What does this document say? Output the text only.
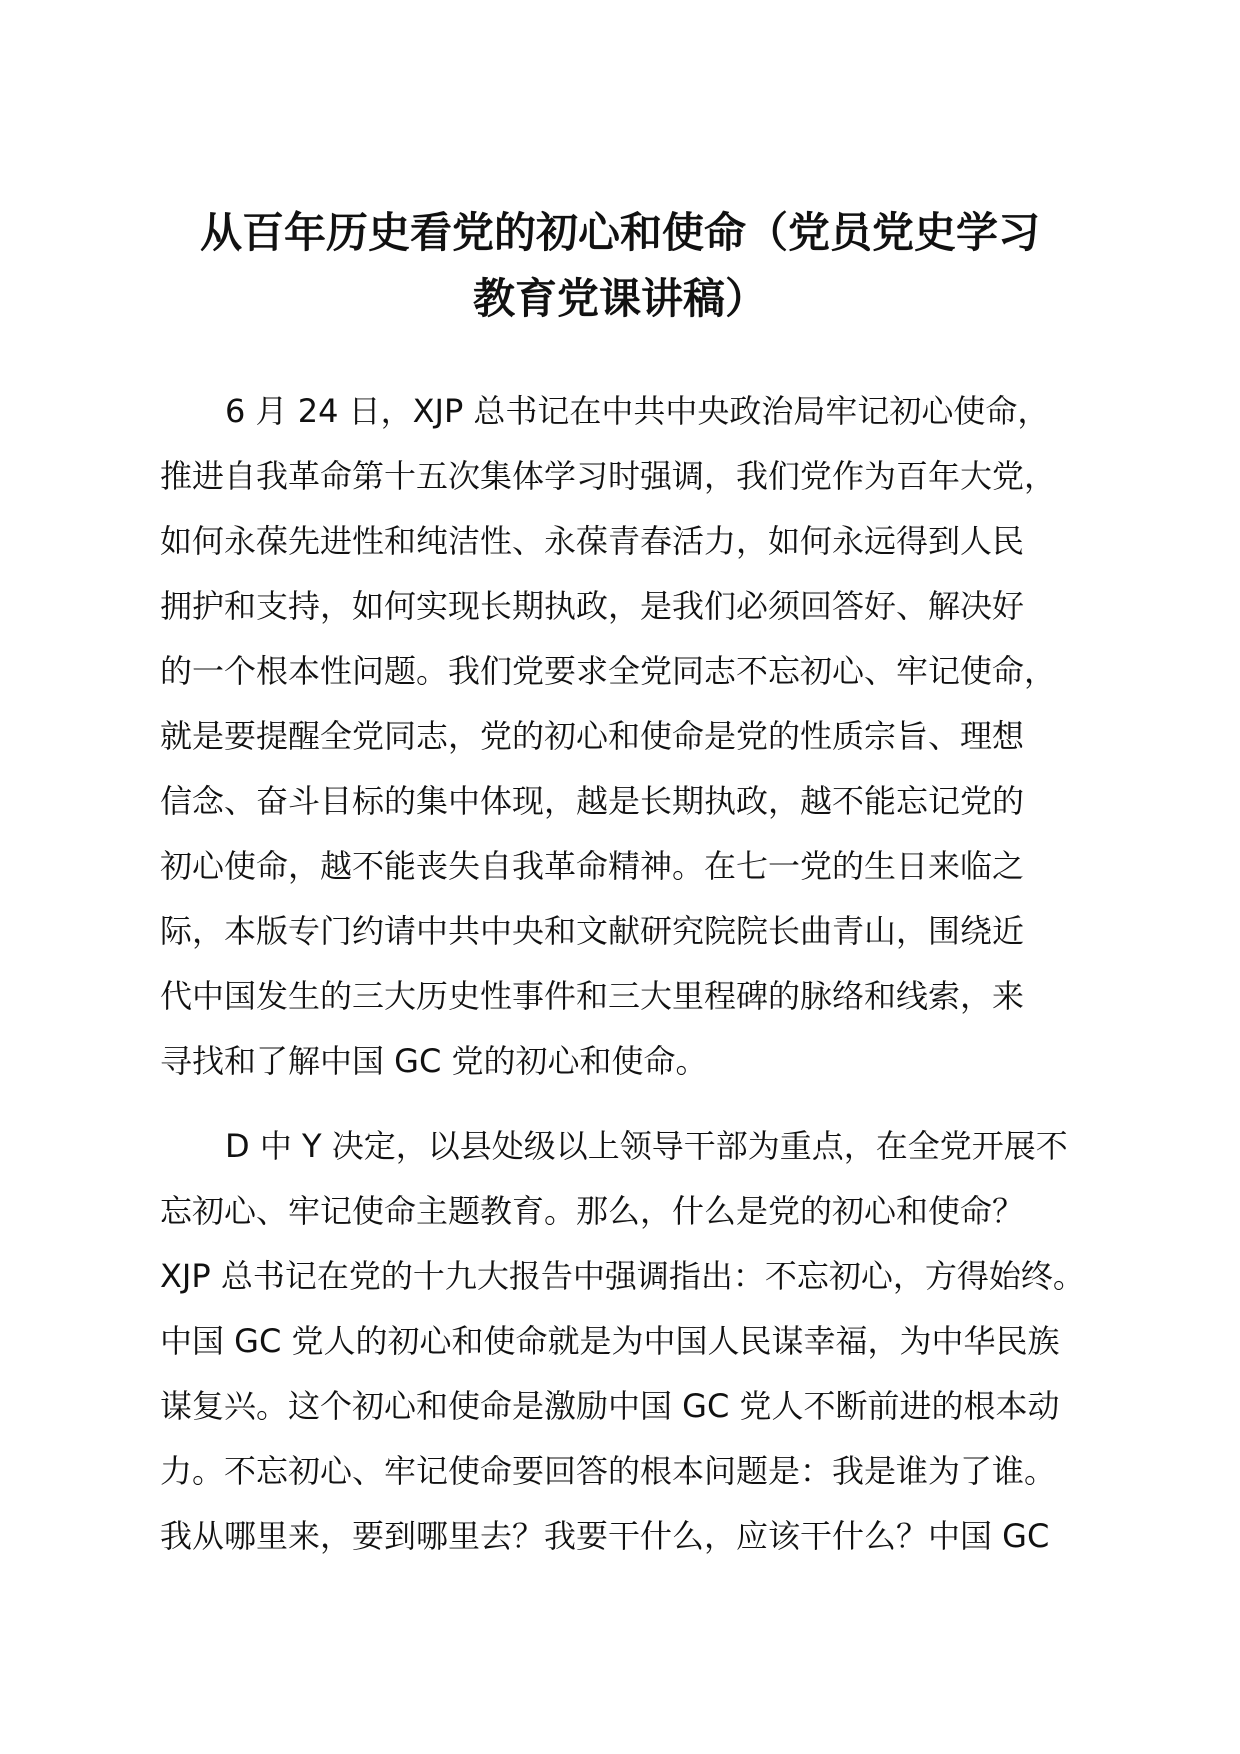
从百年历史看党的初心和使命（党员党史学习
教育党课讲稿）
6 月 24 日，XJP 总书记在中共中央政治局牢记初心使命，
推进自我革命第十五次集体学习时强调，我们党作为百年大党，
如何永葆先进性和纯洁性、永葆青春活力，如何永远得到人民
拥护和支持，如何实现长期执政，是我们必须回答好、解决好
的一个根本性问题。我们党要求全党同志不忘初心、牢记使命，
就是要提醒全党同志，党的初心和使命是党的性质宗旨、理想
信念、奋斗目标的集中体现，越是长期执政，越不能忘记党的
初心使命，越不能丧失自我革命精神。在七一党的生日来临之
际，本版专门约请中共中央和文献研究院院长曲青山，围绕近
代中国发生的三大历史性事件和三大里程碑的脉络和线索，来
寻找和了解中国 GC 党的初心和使命。
D 中 Y 决定，以县处级以上领导干部为重点，在全党开展不
忘初心、牢记使命主题教育。那么，什么是党的初心和使命？
XJP 总书记在党的十九大报告中强调指出：不忘初心，方得始终。
中国 GC 党人的初心和使命就是为中国人民谋幸福，为中华民族
谋复兴。这个初心和使命是激励中国 GC 党人不断前进的根本动
力。不忘初心、牢记使命要回答的根本问题是：我是谁为了谁。
我从哪里来，要到哪里去？我要干什么，应该干什么？中国 GC
